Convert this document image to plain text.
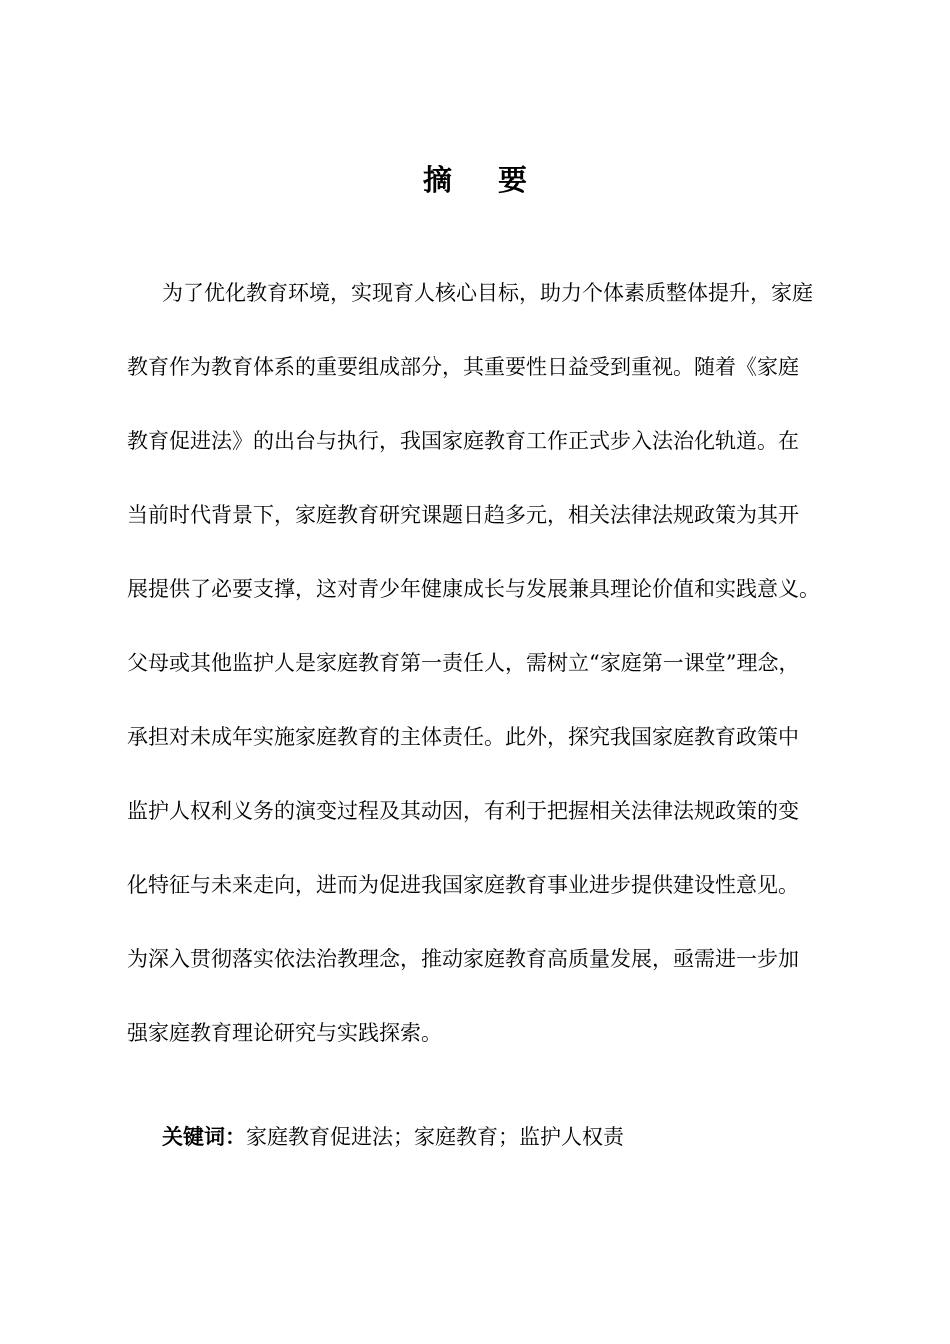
摘 要
为了优化教育环境，实现育人核心目标，助力个体素质整体提升，家庭
教育作为教育体系的重要组成部分，其重要性日益受到重视。随着《家庭
教育促进法》的出台与执行，我国家庭教育工作正式步入法治化轨道。在
当前时代背景下，家庭教育研究课题日趋多元，相关法律法规政策为其开
展提供了必要支撑，这对青少年健康成长与发展兼具理论价值和实践意义。
父母或其他监护人是家庭教育第一责任人，需树立“家庭第一课堂”理念，
承担对未成年实施家庭教育的主体责任。此外，探究我国家庭教育政策中
监护人权利义务的演变过程及其动因，有利于把握相关法律法规政策的变
化特征与未来走向，进而为促进我国家庭教育事业进步提供建设性意见。
为深入贯彻落实依法治教理念，推动家庭教育高质量发展，亟需进一步加
强家庭教育理论研究与实践探索。
关键词：家庭教育促进法；家庭教育；监护人权责
